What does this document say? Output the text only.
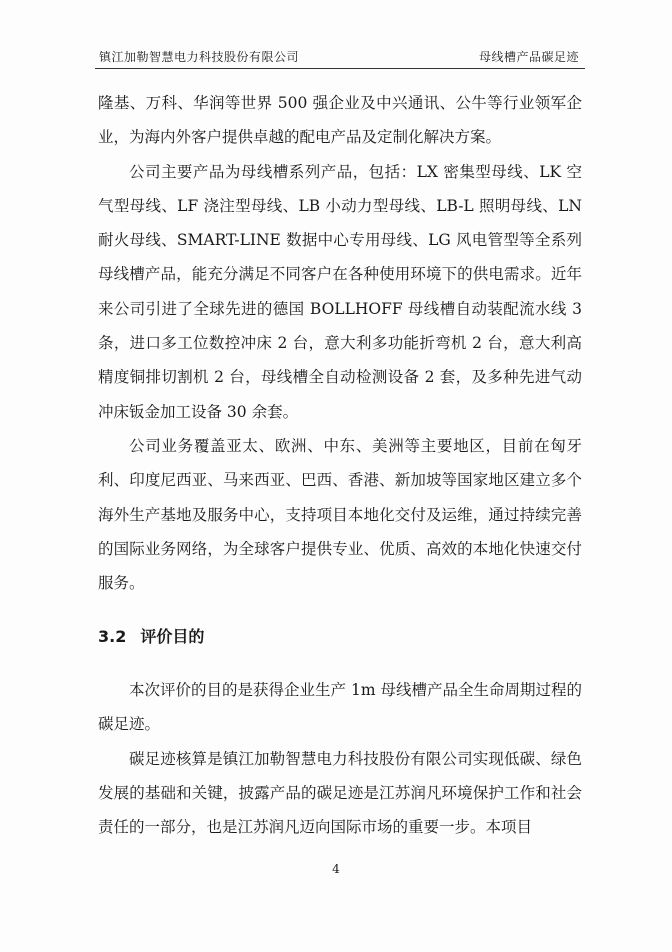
镇江加勒智慧电力科技股份有限公司	母线槽产品碳足迹

隆基、万科、华润等世界 500 强企业及中兴通讯、公牛等行业领军企业，为海内外客户提供卓越的配电产品及定制化解决方案。

公司主要产品为母线槽系列产品，包括：LX 密集型母线、LK 空气型母线、LF 浇注型母线、LB 小动力型母线、LB-L 照明母线、LN 耐火母线、SMART-LINE 数据中心专用母线、LG 风电管型等全系列母线槽产品，能充分满足不同客户在各种使用环境下的供电需求。近年来公司引进了全球先进的德国 BOLLHOFF 母线槽自动装配流水线 3 条，进口多工位数控冲床 2 台，意大利多功能折弯机 2 台，意大利高精度铜排切割机 2 台，母线槽全自动检测设备 2 套，及多种先进气动冲床钣金加工设备 30 余套。

公司业务覆盖亚太、欧洲、中东、美洲等主要地区，目前在匈牙利、印度尼西亚、马来西亚、巴西、香港、新加坡等国家地区建立多个海外生产基地及服务中心，支持项目本地化交付及运维，通过持续完善的国际业务网络，为全球客户提供专业、优质、高效的本地化快速交付服务。

3.2 评价目的

本次评价的目的是获得企业生产 1m 母线槽产品全生命周期过程的碳足迹。

碳足迹核算是镇江加勒智慧电力科技股份有限公司实现低碳、绿色发展的基础和关键，披露产品的碳足迹是江苏润凡环境保护工作和社会责任的一部分，也是江苏润凡迈向国际市场的重要一步。本项目

4
